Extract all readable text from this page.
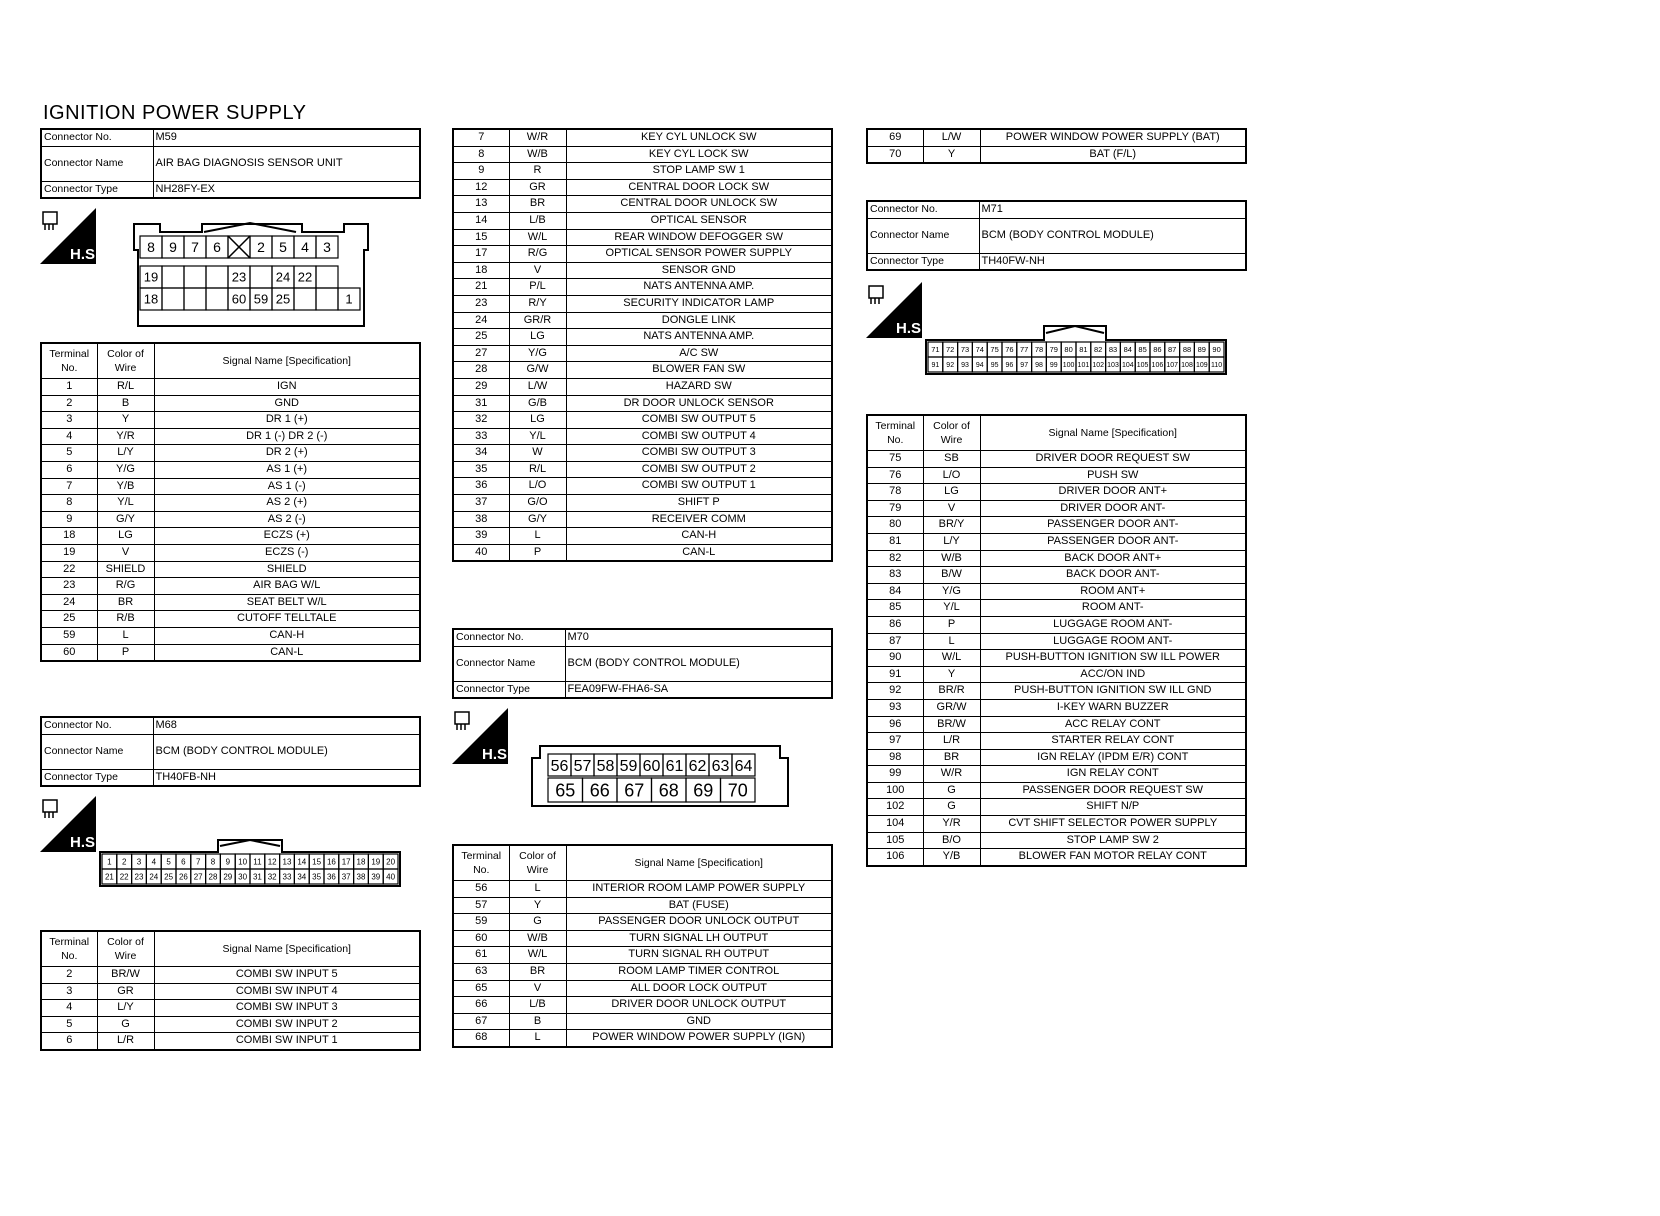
IGNITION POWER SUPPLY
Connector No.	M59
Connector Name	AIR BAG DIAGNOSIS SENSOR UNIT
Connector Type	NH28FY-EX
H.S.	8 9 7 6	2 5 4 3
19	23 24 22
18	60 59 25	1
Terminal No.	Color of Wire	Signal Name [Specification]
1	R/L	IGN
2	B	GND
3	Y	DR 1 (+)
4	Y/R	DR 1 (-) DR 2 (-)
5	L/Y	DR 2 (+)
6	Y/G	AS 1 (+)
7	Y/B	AS 1 (-)
8	Y/L	AS 2 (+)
9	G/Y	AS 2 (-)
18	LG	ECZS (+)
19	V	ECZS (-)
22	SHIELD	SHIELD
23	R/G	AIR BAG W/L
24	BR	SEAT BELT W/L
25	R/B	CUTOFF TELLTALE
59	L	CAN-H
60	P	CAN-L
Connector No.	M68
Connector Name	BCM (BODY CONTROL MODULE)
Connector Type	TH40FB-NH
H.S.
1 2 3 4 5 6 7 8 9 10 11 12 13 14 15 16 17 18 19 20
21 22 23 24 25 26 27 28 29 30 31 32 33 34 35 36 37 38 39 40
Terminal No.	Color of Wire	Signal Name [Specification]
2	BR/W	COMBI SW INPUT 5
3	GR	COMBI SW INPUT 4
4	L/Y	COMBI SW INPUT 3
5	G	COMBI SW INPUT 2
6	L/R	COMBI SW INPUT 1
7	W/R	KEY CYL UNLOCK SW
8	W/B	KEY CYL LOCK SW
9	R	STOP LAMP SW 1
12	GR	CENTRAL DOOR LOCK SW
13	BR	CENTRAL DOOR UNLOCK SW
14	L/B	OPTICAL SENSOR
15	W/L	REAR WINDOW DEFOGGER SW
17	R/G	OPTICAL SENSOR POWER SUPPLY
18	V	SENSOR GND
21	P/L	NATS ANTENNA AMP.
23	R/Y	SECURITY INDICATOR LAMP
24	GR/R	DONGLE LINK
25	LG	NATS ANTENNA AMP.
27	Y/G	A/C SW
28	G/W	BLOWER FAN SW
29	L/W	HAZARD SW
31	G/B	DR DOOR UNLOCK SENSOR
32	LG	COMBI SW OUTPUT 5
33	Y/L	COMBI SW OUTPUT 4
34	W	COMBI SW OUTPUT 3
35	R/L	COMBI SW OUTPUT 2
36	L/O	COMBI SW OUTPUT 1
37	G/O	SHIFT P
38	G/Y	RECEIVER COMM
39	L	CAN-H
40	P	CAN-L
Connector No.	M70
Connector Name	BCM (BODY CONTROL MODULE)
Connector Type	FEA09FW-FHA6-SA
H.S.
56 57 58 59 60 61 62 63 64
65 66 67 68 69 70
Terminal No.	Color of Wire	Signal Name [Specification]
56	L	INTERIOR ROOM LAMP POWER SUPPLY
57	Y	BAT (FUSE)
59	G	PASSENGER DOOR UNLOCK OUTPUT
60	W/B	TURN SIGNAL LH OUTPUT
61	W/L	TURN SIGNAL RH OUTPUT
63	BR	ROOM LAMP TIMER CONTROL
65	V	ALL DOOR LOCK OUTPUT
66	L/B	DRIVER DOOR UNLOCK OUTPUT
67	B	GND
68	L	POWER WINDOW POWER SUPPLY (IGN)
69	L/W	POWER WINDOW POWER SUPPLY (BAT)
70	Y	BAT (F/L)
Connector No.	M71
Connector Name	BCM (BODY CONTROL MODULE)
Connector Type	TH40FW-NH
H.S.
71 72 73 74 75 76 77 78 79 80 81 82 83 84 85 86 87 88 89 90
91 92 93 94 95 96 97 98 99 100 101 102 103 104 105 106 107 108 109 110
Terminal No.	Color of Wire	Signal Name [Specification]
75	SB	DRIVER DOOR REQUEST SW
76	L/O	PUSH SW
78	LG	DRIVER DOOR ANT+
79	V	DRIVER DOOR ANT-
80	BR/Y	PASSENGER DOOR ANT-
81	L/Y	PASSENGER DOOR ANT-
82	W/B	BACK DOOR ANT+
83	B/W	BACK DOOR ANT-
84	Y/G	ROOM ANT+
85	Y/L	ROOM ANT-
86	P	LUGGAGE ROOM ANT-
87	L	LUGGAGE ROOM ANT-
90	W/L	PUSH-BUTTON IGNITION SW ILL POWER
91	Y	ACC/ON IND
92	BR/R	PUSH-BUTTON IGNITION SW ILL GND
93	GR/W	I-KEY WARN BUZZER
96	BR/W	ACC RELAY CONT
97	L/R	STARTER RELAY CONT
98	BR	IGN RELAY (IPDM E/R) CONT
99	W/R	IGN RELAY CONT
100	G	PASSENGER DOOR REQUEST SW
102	G	SHIFT N/P
104	Y/R	CVT SHIFT SELECTOR POWER SUPPLY
105	B/O	STOP LAMP SW 2
106	Y/B	BLOWER FAN MOTOR RELAY CONT
